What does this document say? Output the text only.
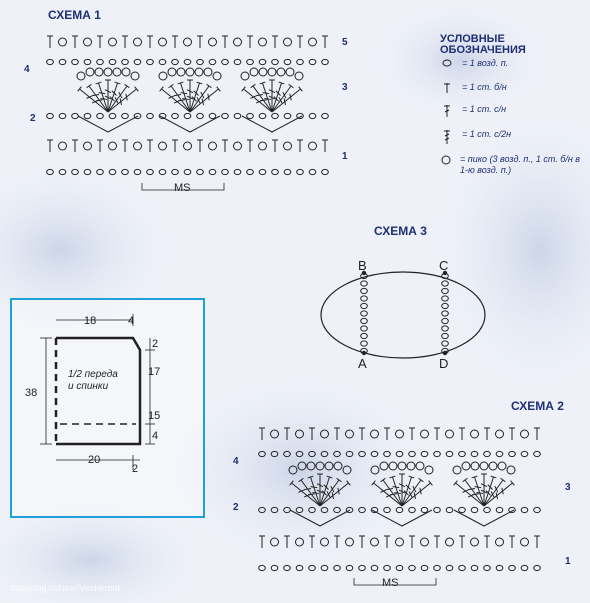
СХЕМА 1
5
4
3
2
1
MS
УСЛОВНЫЕ
ОБОЗНАЧЕНИЯ
= 1 возд. п.
= 1 ст. б/н
= 1 ст. с/н
= 1 ст. с/2н
= пико (3 возд. п., 1 ст. б/н в 1-ю возд. п.)
СХЕМА 3
B	C
A	D
18	4
2
17
15
4
38
20
2
1/2 переда
и спинки
СХЕМА 2
4
3
2
1
MS
babyblog.ru/user/Vecheront
